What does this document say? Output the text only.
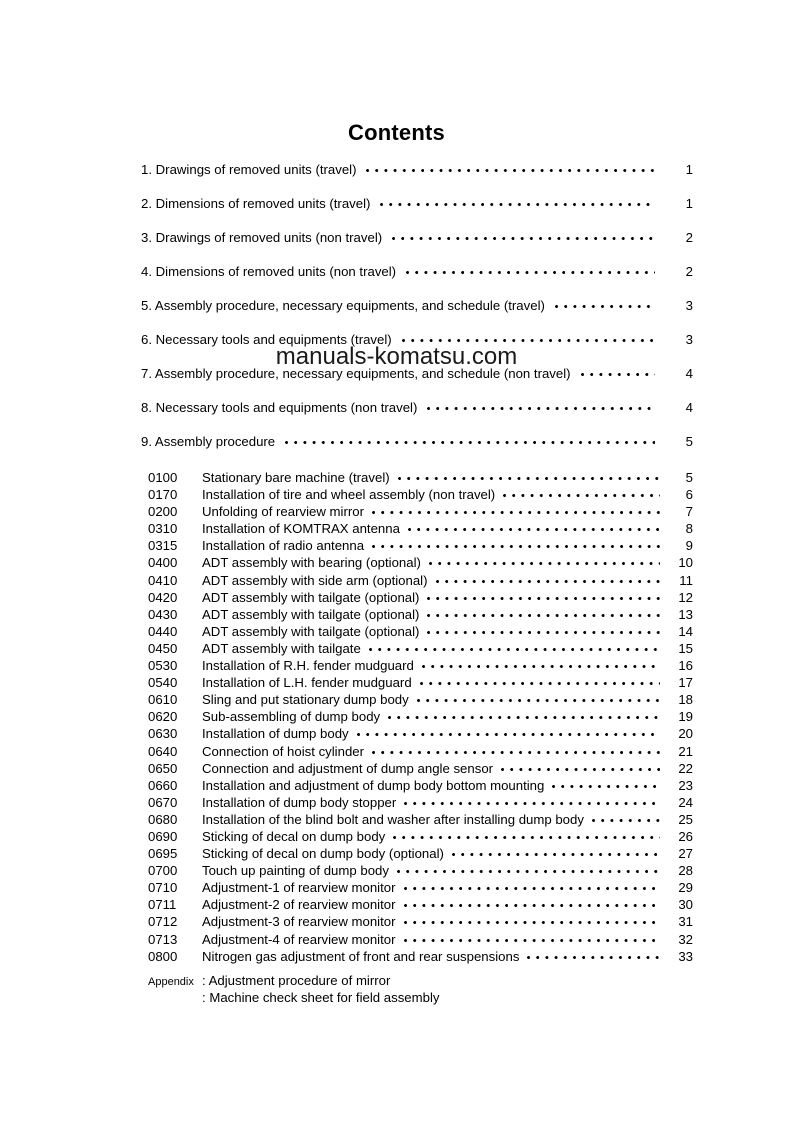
Contents
1. Drawings of removed units (travel)	1
2. Dimensions of removed units (travel)	1
3. Drawings of removed units (non travel)	2
4. Dimensions of removed units (non travel)	2
5. Assembly procedure, necessary equipments, and schedule (travel)	3
6. Necessary tools and equipments (travel)	3
7. Assembly procedure, necessary equipments, and schedule (non travel)	4
8. Necessary tools and equipments (non travel)	4
9. Assembly procedure	5
manuals-komatsu.com
0100	Stationary bare machine (travel)	5
0170	Installation of tire and wheel assembly (non travel)	6
0200	Unfolding of rearview mirror	7
0310	Installation of KOMTRAX antenna	8
0315	Installation of radio antenna	9
0400	ADT assembly with bearing (optional)	10
0410	ADT assembly with side arm (optional)	11
0420	ADT assembly with tailgate (optional)	12
0430	ADT assembly with tailgate (optional)	13
0440	ADT assembly with tailgate (optional)	14
0450	ADT assembly with tailgate	15
0530	Installation of R.H. fender mudguard	16
0540	Installation of L.H. fender mudguard	17
0610	Sling and put stationary dump body	18
0620	Sub-assembling of dump body	19
0630	Installation of dump body	20
0640	Connection of hoist cylinder	21
0650	Connection and adjustment of dump angle sensor	22
0660	Installation and adjustment of dump body bottom mounting	23
0670	Installation of dump body stopper	24
0680	Installation of the blind bolt and washer after installing dump body	25
0690	Sticking of decal on dump body	26
0695	Sticking of decal on dump body (optional)	27
0700	Touch up painting of dump body	28
0710	Adjustment-1 of rearview monitor	29
0711	Adjustment-2 of rearview monitor	30
0712	Adjustment-3 of rearview monitor	31
0713	Adjustment-4 of rearview monitor	32
0800	Nitrogen gas adjustment of front and rear suspensions	33
Appendix : Adjustment procedure of mirror
: Machine check sheet for field assembly
